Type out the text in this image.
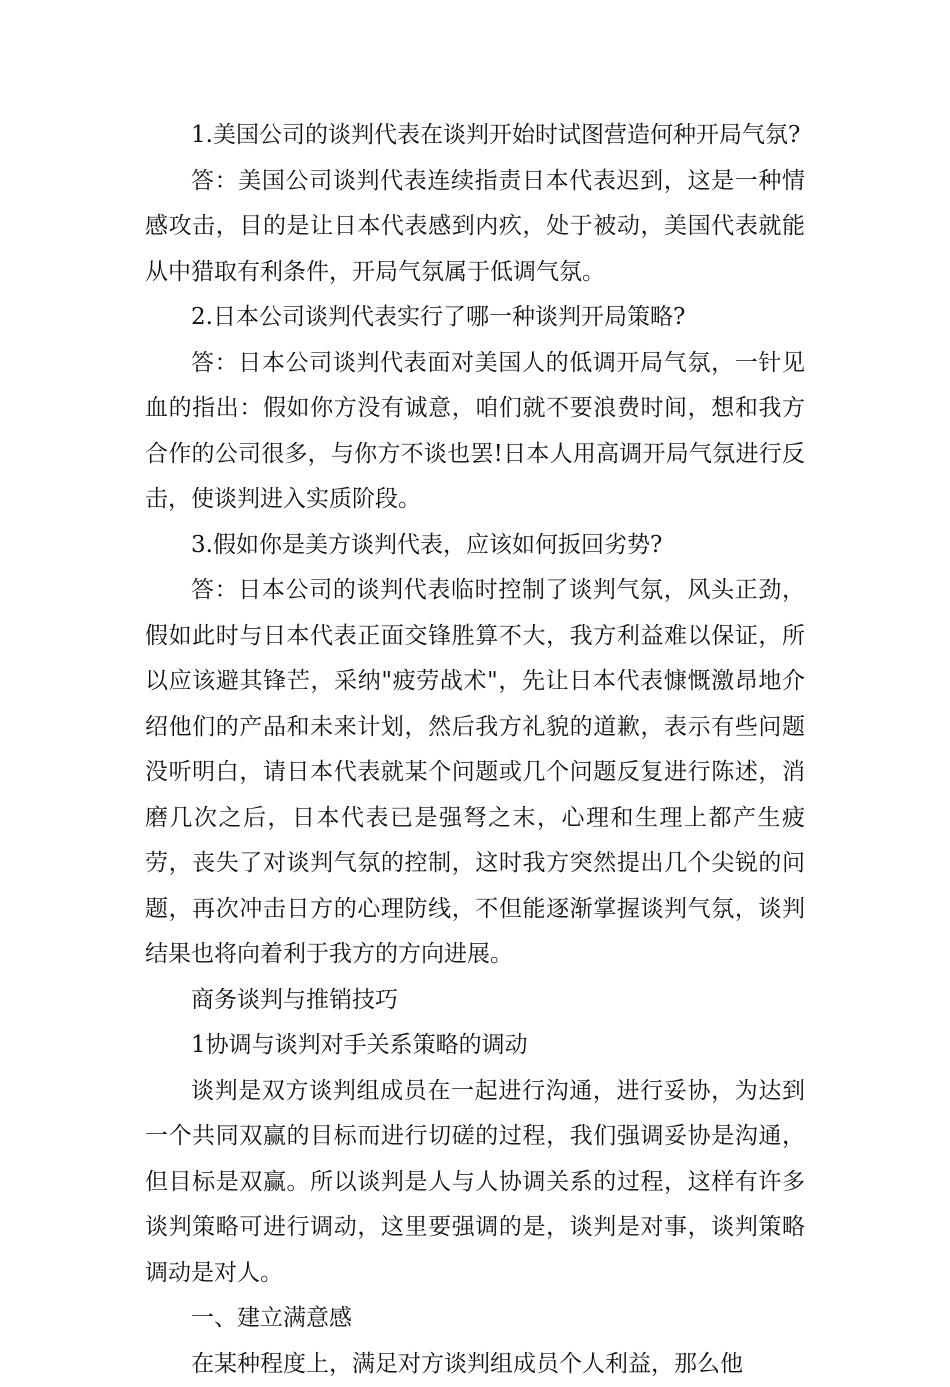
1.美国公司的谈判代表在谈判开始时试图营造何种开局气氛?

答：美国公司谈判代表连续指责日本代表迟到，这是一种情感攻击，目的是让日本代表感到内疚，处于被动，美国代表就能从中猎取有利条件，开局气氛属于低调气氛。

2.日本公司谈判代表实行了哪一种谈判开局策略?

答：日本公司谈判代表面对美国人的低调开局气氛，一针见血的指出：假如你方没有诚意，咱们就不要浪费时间，想和我方合作的公司很多，与你方不谈也罢!日本人用高调开局气氛进行反击，使谈判进入实质阶段。

3.假如你是美方谈判代表，应该如何扳回劣势?

答：日本公司的谈判代表临时控制了谈判气氛，风头正劲，假如此时与日本代表正面交锋胜算不大，我方利益难以保证，所以应该避其锋芒，采纳"疲劳战术"，先让日本代表慷慨激昂地介绍他们的产品和未来计划，然后我方礼貌的道歉，表示有些问题没听明白，请日本代表就某个问题或几个问题反复进行陈述，消磨几次之后，日本代表已是强弩之末，心理和生理上都产生疲劳，丧失了对谈判气氛的控制，这时我方突然提出几个尖锐的问题，再次冲击日方的心理防线，不但能逐渐掌握谈判气氛，谈判结果也将向着利于我方的方向进展。

商务谈判与推销技巧

1协调与谈判对手关系策略的调动

谈判是双方谈判组成员在一起进行沟通，进行妥协，为达到一个共同双赢的目标而进行切磋的过程，我们强调妥协是沟通，但目标是双赢。所以谈判是人与人协调关系的过程，这样有许多谈判策略可进行调动，这里要强调的是，谈判是对事，谈判策略调动是对人。

一、建立满意感

在某种程度上，满足对方谈判组成员个人利益，那么他
